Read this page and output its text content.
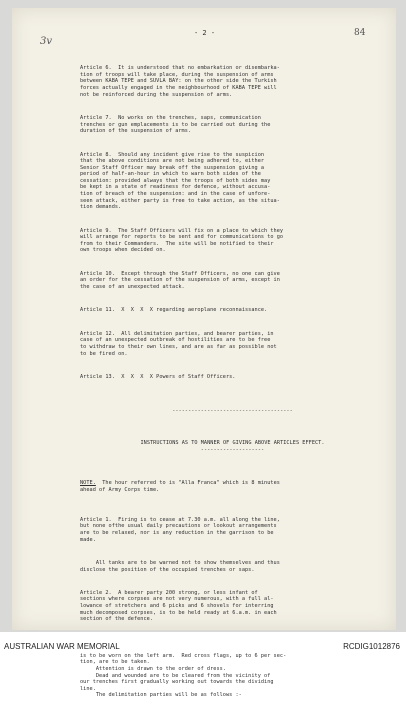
3v
84
- 2 -

Article 6.  It is understood that no embarkation or disembarka-
tion of troops will take place, during the suspension of arms
between KABA TEPE and SUVLA BAY: on the other side the Turkish
forces actually engaged in the neighbourhood of KABA TEPE will
not be reinforced during the suspension of arms.

Article 7.  No works on the trenches, saps, communication
trenches or gun emplacements is to be carried out during the
duration of the suspension of arms.

Article 8.  Should any incident give rise to the suspicion
that the above conditions are not being adhered to, either
Senior Staff Officer may break off the suspension giving a
period of half-an-hour in which to warn both sides of the
cessation: provided always that the troops of both sides may
be kept in a state of readiness for defence, without accusa-
tion of breach of the suspension: and in the case of unfore-
seen attack, either party is free to take action, as the situa-
tion demands.

Article 9.  The Staff Officers will fix on a place to which they
will arrange for reports to be sent and for communications to go
from to their Commanders.  The site will be notified to their
own troops when decided on.

Article 10.  Except through the Staff Officers, no one can give
an order for the cessation of the suspension of arms, except in
the case of an unexpected attack.

Article 11.  X  X  X  X regarding aeroplane reconnaissance.

Article 12.  All delimitation parties, and bearer parties, in
case of an unexpected outbreak of hostilities are to be free
to withdraw to their own lines, and are as far as possible not
to be fired on.

Article 13.  X  X  X  X Powers of Staff Officers.

--------------------------------------

INSTRUCTIONS AS TO MANNER OF GIVING ABOVE ARTICLES EFFECT.
--------------------

NOTE.  The hour referred to is "Alla Franca" which is 8 minutes
ahead of Army Corps time.

Article 1.  Firing is to cease at 7.30 a.m. all along the line,
but none ofthe usual daily precautions or lookout arrangements
are to be relaxed, nor is any reduction in the garrison to be
made.

All tanks are to be warned not to show themselves and thus
disclose the position of the occupied trenches or saps.

Article 2.  A bearer party 200 strong, or less infant of
sections where corpses are not very numerous, with a full al-
lowance of stretchers and 6 picks and 6 shovels for interring
much decomposed corpses, is to be held ready at 6.a.m. in each
section of the defence.

is to be worn on the left arm.  Red cross flags, up to 6 per sec-
tion, are to be taken.
Attention is drawn to the order of dress.
Dead and wounded are to be cleared from the vicinity of
our trenches first gradually working out towards the dividing
line.
The delimitation parties will be as follows :-

AUSTRALIAN WAR MEMORIAL	RCDIG1012876
